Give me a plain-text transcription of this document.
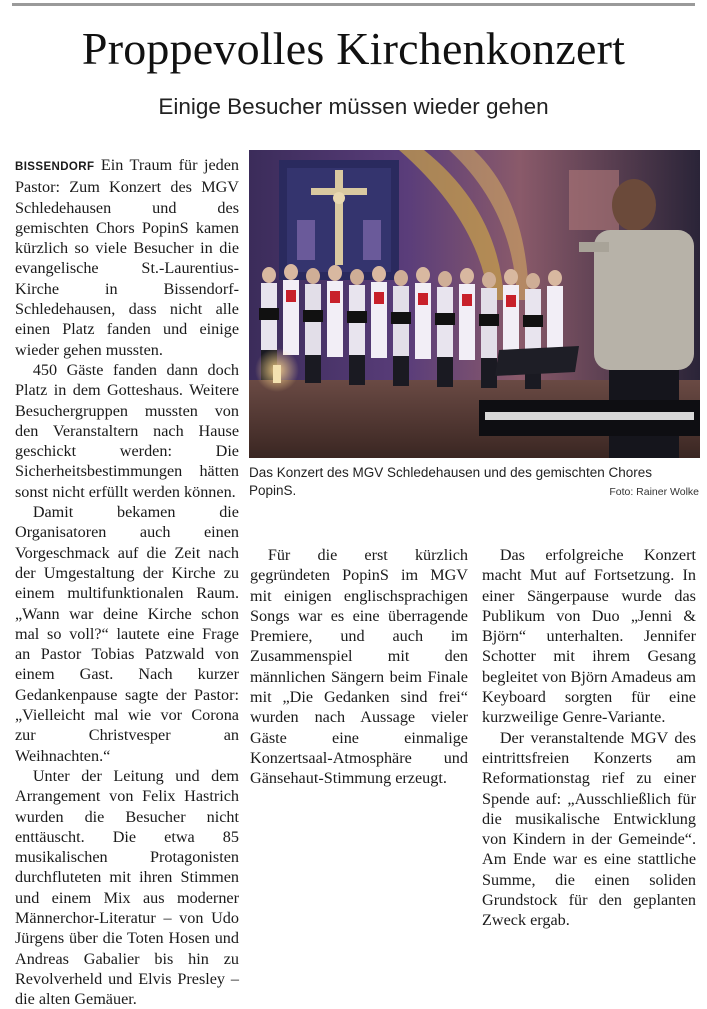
Proppevolles Kirchenkonzert
Einige Besucher müssen wieder gehen

BISSENDORF Ein Traum für jeden Pastor: Zum Konzert des MGV Schledehausen und des gemischten Chors PopinS kamen kürzlich so viele Besucher in die evangelische St.-Laurentius-Kirche in Bissendorf-Schledehausen, dass nicht alle einen Platz fanden und einige wieder gehen mussten.

450 Gäste fanden dann doch Platz in dem Gotteshaus. Weitere Besuchergruppen mussten von den Veranstaltern nach Hause geschickt werden: Die Sicherheitsbestimmungen hätten sonst nicht erfüllt werden können.

Damit bekamen die Organisatoren auch einen Vorgeschmack auf die Zeit nach der Umgestaltung der Kirche zu einem multifunktionalen Raum. „Wann war deine Kirche schon mal so voll?“ lautete eine Frage an Pastor Tobias Patzwald von einem Gast. Nach kurzer Gedankenpause sagte der Pastor: „Vielleicht mal wie vor Corona zur Christvesper an Weihnachten.“

Unter der Leitung und dem Arrangement von Felix Hastrich wurden die Besucher nicht enttäuscht. Die etwa 85 musikalischen Protagonisten durchfluteten mit ihren Stimmen und einem Mix aus moderner Männerchor-Literatur – von Udo Jürgens über die Toten Hosen und Andreas Gabalier bis hin zu Revolverheld und Elvis Presley – die alten Gemäuer.

Das Konzert des MGV Schledehausen und des gemischten Chores PopinS.	Foto: Rainer Wolke

Für die erst kürzlich gegründeten PopinS im MGV mit einigen englischsprachigen Songs war es eine überragende Premiere, und auch im Zusammenspiel mit den männlichen Sängern beim Finale mit „Die Gedanken sind frei“ wurden nach Aussage vieler Gäste eine einmalige Konzertsaal-Atmosphäre und Gänsehaut-Stimmung erzeugt.

Das erfolgreiche Konzert macht Mut auf Fortsetzung. In einer Sängerpause wurde das Publikum von Duo „Jenni & Björn“ unterhalten. Jennifer Schotter mit ihrem Gesang begleitet von Björn Amadeus am Keyboard sorgten für eine kurzweilige Genre-Variante.

Der veranstaltende MGV des eintrittsfreien Konzerts am Reformationstag rief zu einer Spende auf: „Ausschließlich für die musikalische Entwicklung von Kindern in der Gemeinde“. Am Ende war es eine stattliche Summe, die einen soliden Grundstock für den geplanten Zweck ergab.
